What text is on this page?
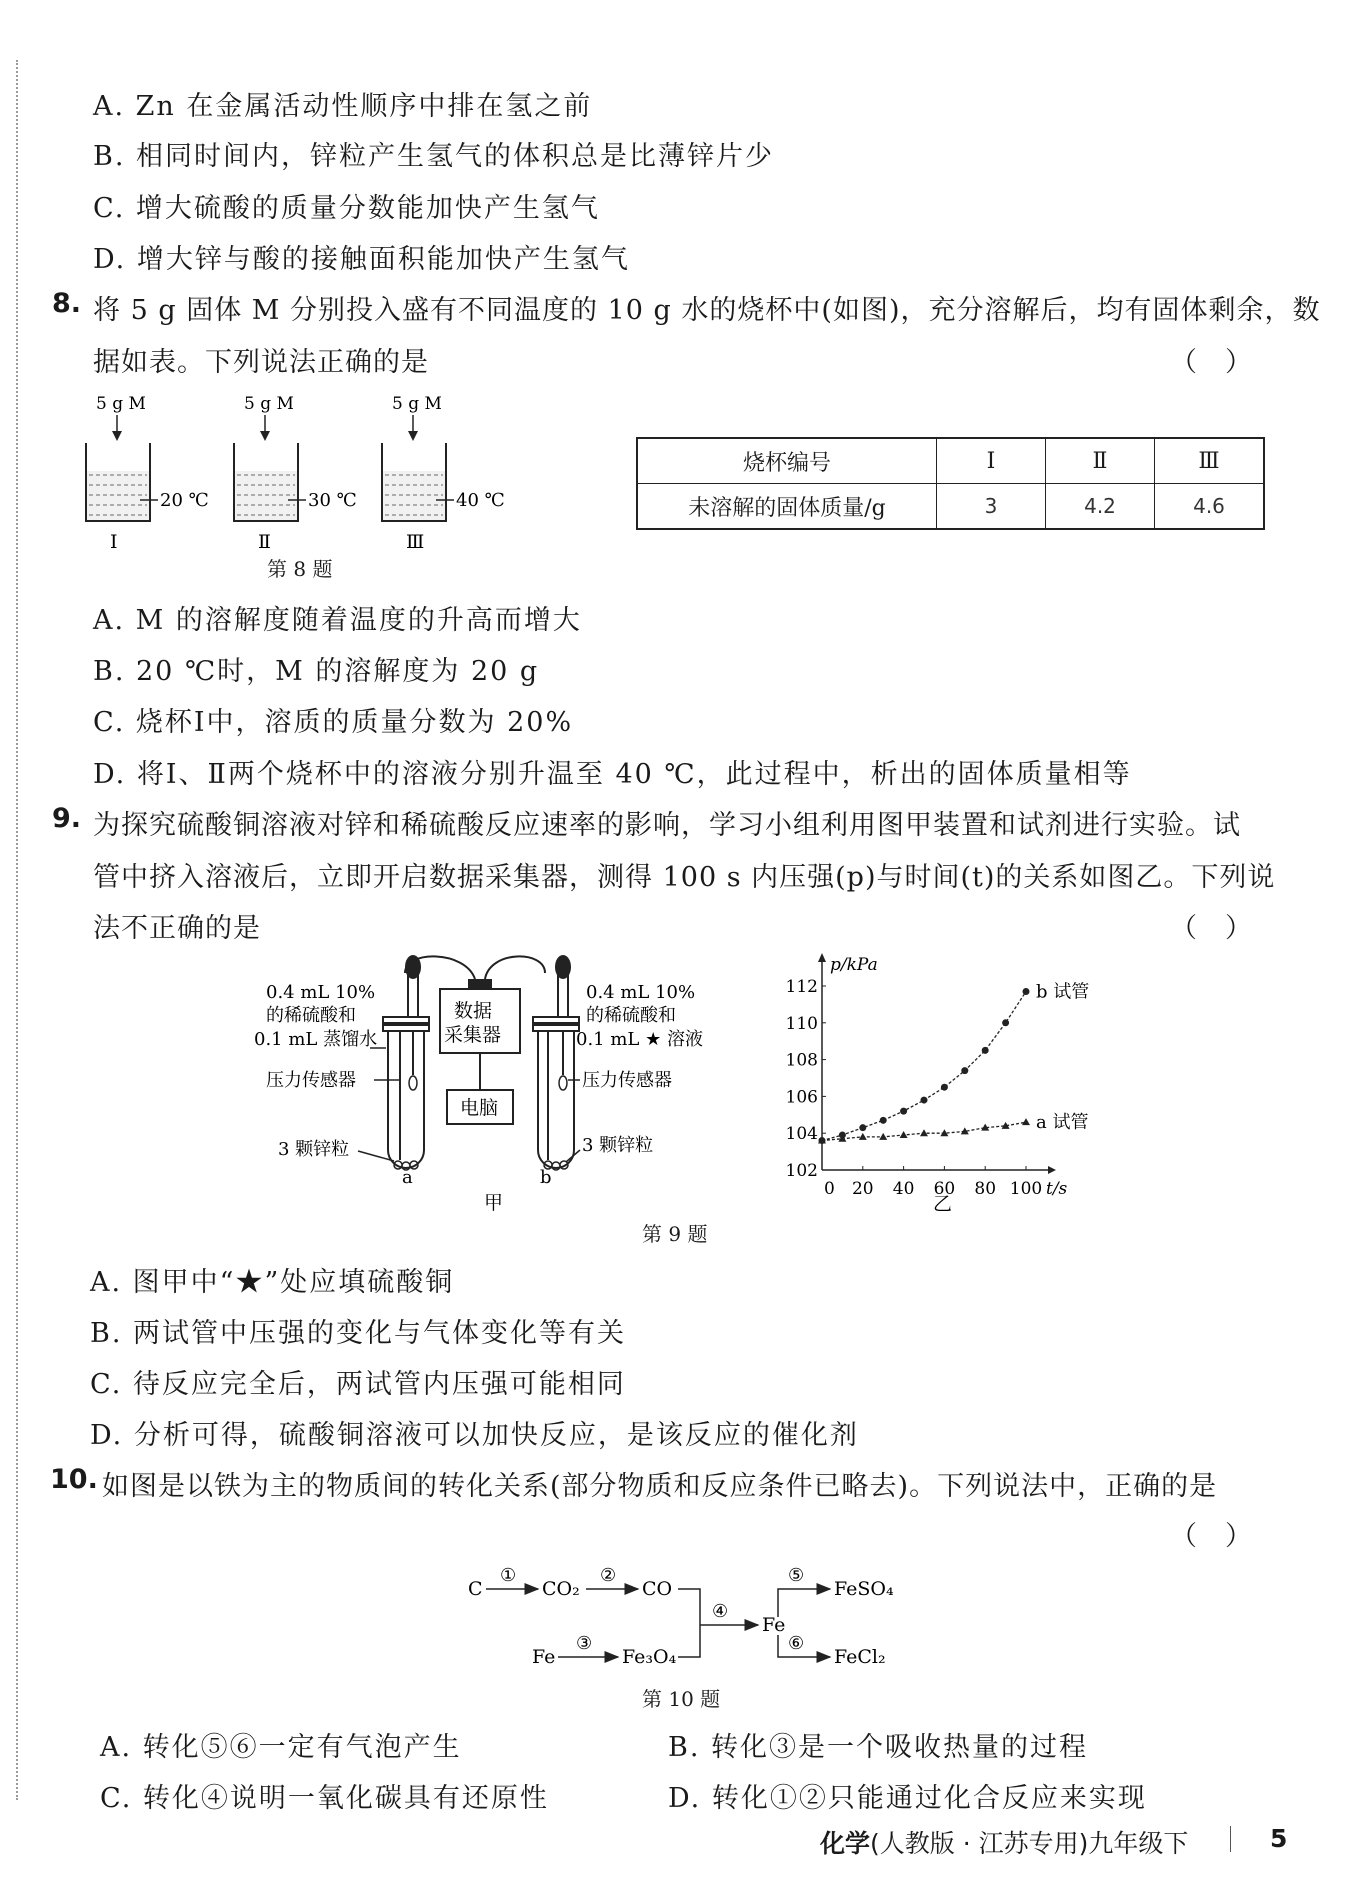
A. Zn 在金属活动性顺序中排在氢之前
B. 相同时间内，锌粒产生氢气的体积总是比薄锌片少
C. 增大硫酸的质量分数能加快产生氢气
D. 增大锌与酸的接触面积能加快产生氢气
8. 将 5 g 固体 M 分别投入盛有不同温度的 10 g 水的烧杯中(如图)，充分溶解后，均有固体剩余，数
据如表。下列说法正确的是	（）
5 g M
20 ℃
Ⅰ
5 g M
30 ℃
Ⅱ
5 g M
40 ℃
Ⅲ
第 8 题
烧杯编号	Ⅰ	Ⅱ	Ⅲ
未溶解的固体质量/g	3	4.2	4.6
A. M 的溶解度随着温度的升高而增大
B. 20 ℃时，M 的溶解度为 20 g
C. 烧杯Ⅰ中，溶质的质量分数为 20%
D. 将Ⅰ、Ⅱ两个烧杯中的溶液分别升温至 40 ℃，此过程中，析出的固体质量相等
9. 为探究硫酸铜溶液对锌和稀硫酸反应速率的影响，学习小组利用图甲装置和试剂进行实验。试
管中挤入溶液后，立即开启数据采集器，测得 100 s 内压强(p)与时间(t)的关系如图乙。下列说
法不正确的是	（）
0.4 mL 10%
的稀硫酸和
0.1 mL 蒸馏水
0.4 mL 10%
的稀硫酸和
0.1 mL ★ 溶液
数据
采集器
电脑
压力传感器	压力传感器
3 颗锌粒	3 颗锌粒
a	b
甲
p/kPa
t/s
0 20 40 60 80 100
102
104
106
108
110
112	b 试管
a 试管
乙
第 9 题
A. 图甲中“★”处应填硫酸铜
B. 两试管中压强的变化与气体变化等有关
C. 待反应完全后，两试管内压强可能相同
D. 分析可得，硫酸铜溶液可以加快反应，是该反应的催化剂
10. 如图是以铁为主的物质间的转化关系(部分物质和反应条件已略去)。下列说法中，正确的是
（）
C
①
CO₂
②
CO
Fe
③
Fe₃O₄
④
Fe
⑤
⑥
FeSO₄
FeCl₂
第 10 题
A. 转化⑤⑥一定有气泡产生	B. 转化③是一个吸收热量的过程
C. 转化④说明一氧化碳具有还原性	D. 转化①②只能通过化合反应来实现
化学(人教版 · 江苏专用)九年级下	5
